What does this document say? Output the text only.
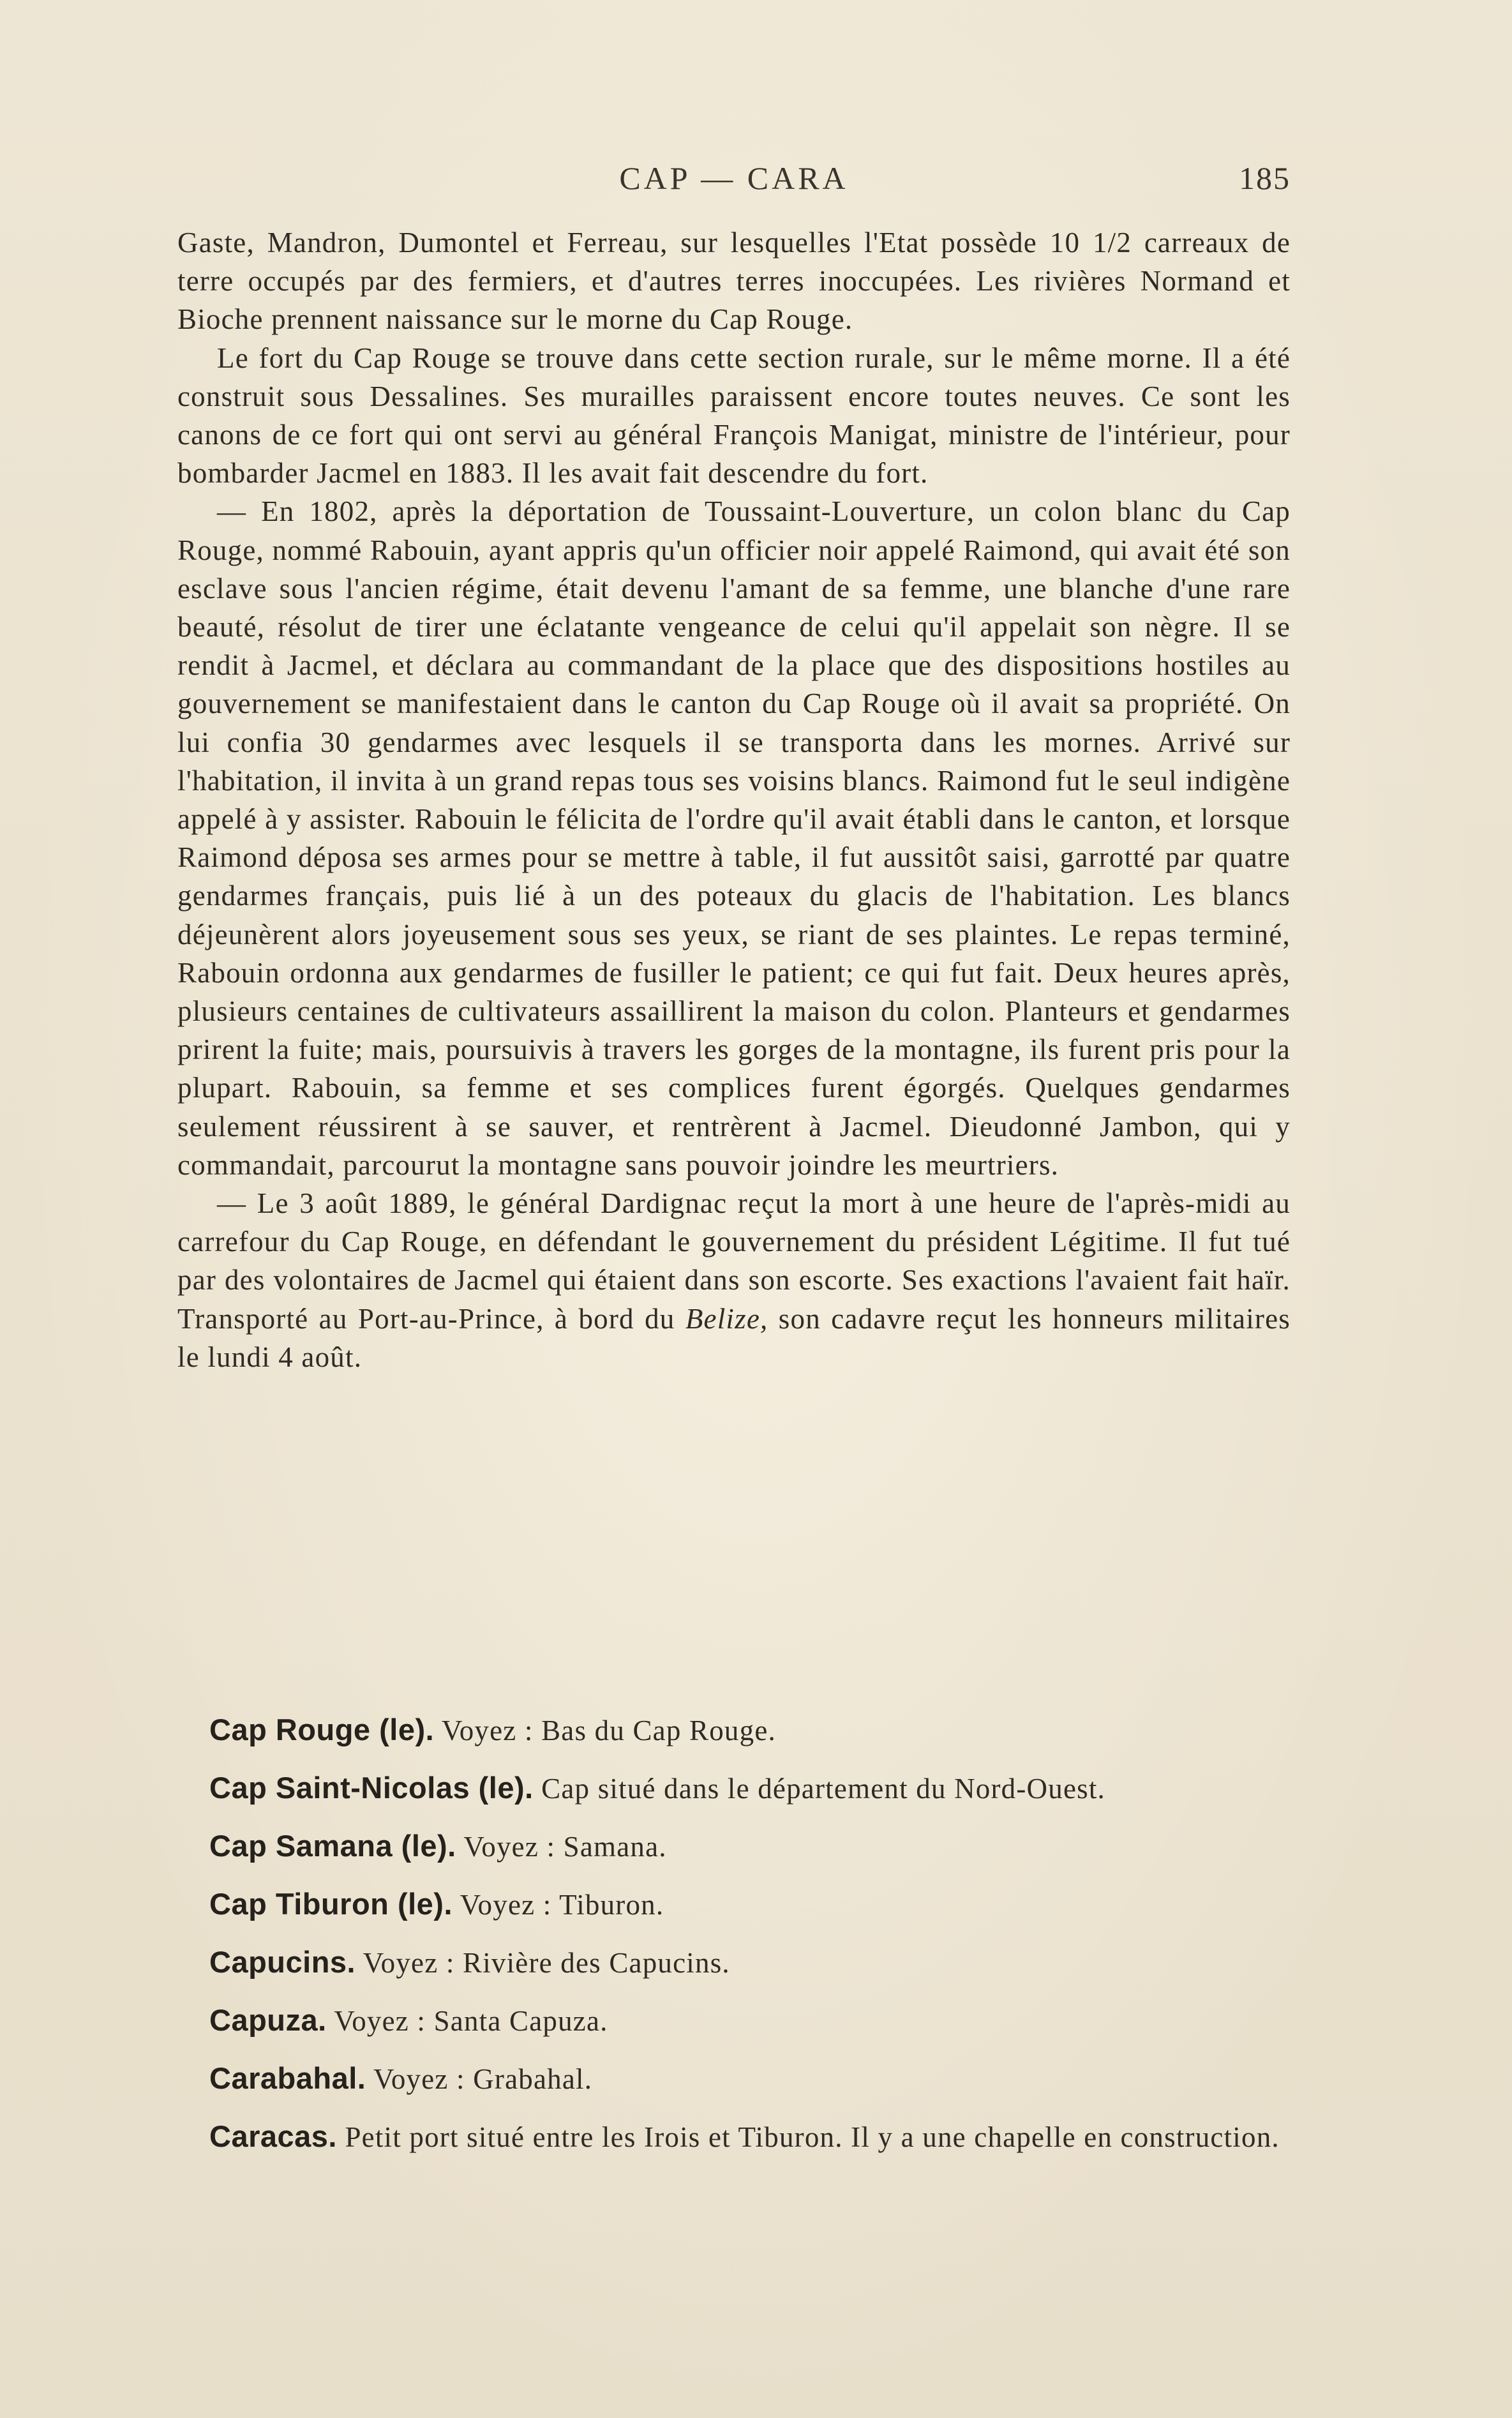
CAP — CARA	185

Gaste, Mandron, Dumontel et Ferreau, sur lesquelles l'Etat possède 10 1/2 carreaux de terre occupés par des fermiers, et d'autres terres inoccupées. Les rivières Normand et Bioche prennent naissance sur le morne du Cap Rouge.

Le fort du Cap Rouge se trouve dans cette section rurale, sur le même morne. Il a été construit sous Dessalines. Ses murailles paraissent encore toutes neuves. Ce sont les canons de ce fort qui ont servi au général François Manigat, ministre de l'intérieur, pour bombarder Jacmel en 1883. Il les avait fait descendre du fort.

— En 1802, après la déportation de Toussaint-Louverture, un colon blanc du Cap Rouge, nommé Rabouin, ayant appris qu'un officier noir appelé Raimond, qui avait été son esclave sous l'ancien régime, était devenu l'amant de sa femme, une blanche d'une rare beauté, résolut de tirer une éclatante vengeance de celui qu'il appelait son nègre. Il se rendit à Jacmel, et déclara au commandant de la place que des dispositions hostiles au gouvernement se manifestaient dans le canton du Cap Rouge où il avait sa propriété. On lui confia 30 gendarmes avec lesquels il se transporta dans les mornes. Arrivé sur l'habitation, il invita à un grand repas tous ses voisins blancs. Raimond fut le seul indigène appelé à y assister. Rabouin le félicita de l'ordre qu'il avait établi dans le canton, et lorsque Raimond déposa ses armes pour se mettre à table, il fut aussitôt saisi, garrotté par quatre gendarmes français, puis lié à un des poteaux du glacis de l'habitation. Les blancs déjeunèrent alors joyeusement sous ses yeux, se riant de ses plaintes. Le repas terminé, Rabouin ordonna aux gendarmes de fusiller le patient; ce qui fut fait. Deux heures après, plusieurs centaines de cultivateurs assaillirent la maison du colon. Planteurs et gendarmes prirent la fuite; mais, poursuivis à travers les gorges de la montagne, ils furent pris pour la plupart. Rabouin, sa femme et ses complices furent égorgés. Quelques gendarmes seulement réussirent à se sauver, et rentrèrent à Jacmel. Dieudonné Jambon, qui y commandait, parcourut la montagne sans pouvoir joindre les meurtriers.

— Le 3 août 1889, le général Dardignac reçut la mort à une heure de l'après-midi au carrefour du Cap Rouge, en défendant le gouvernement du président Légitime. Il fut tué par des volontaires de Jacmel qui étaient dans son escorte. Ses exactions l'avaient fait haïr. Transporté au Port-au-Prince, à bord du Belize, son cadavre reçut les honneurs militaires le lundi 4 août.

Cap Rouge (le). Voyez : Bas du Cap Rouge.
Cap Saint-Nicolas (le). Cap situé dans le département du Nord-Ouest.
Cap Samana (le). Voyez : Samana.
Cap Tiburon (le). Voyez : Tiburon.
Capucins. Voyez : Rivière des Capucins.
Capuza. Voyez : Santa Capuza.
Carabahal. Voyez : Grabahal.
Caracas. Petit port situé entre les Irois et Tiburon. Il y a une chapelle en construction.
